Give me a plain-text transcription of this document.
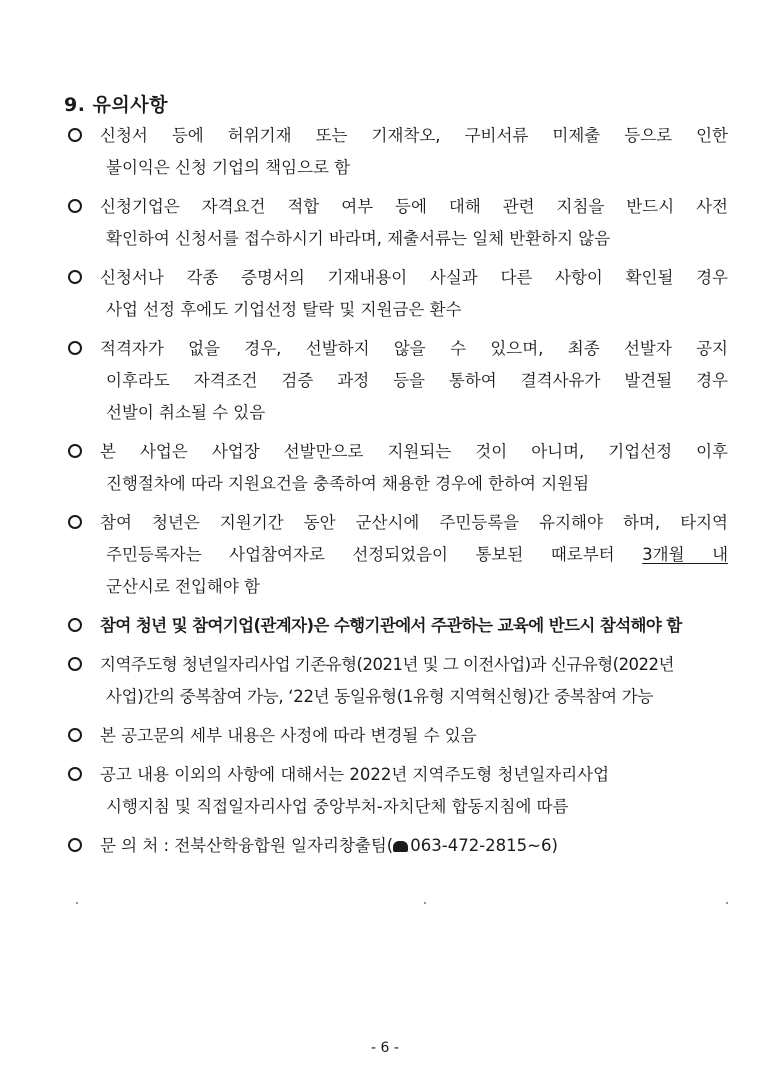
9. 유의사항
신청서 등에 허위기재 또는 기재착오, 구비서류 미제출 등으로 인한
불이익은 신청 기업의 책임으로 함
신청기업은 자격요건 적합 여부 등에 대해 관련 지침을 반드시 사전
확인하여 신청서를 접수하시기 바라며, 제출서류는 일체 반환하지 않음
신청서나 각종 증명서의 기재내용이 사실과 다른 사항이 확인될 경우
사업 선정 후에도 기업선정 탈락 및 지원금은 환수
적격자가 없을 경우, 선발하지 않을 수 있으며, 최종 선발자 공지
이후라도 자격조건 검증 과정 등을 통하여 결격사유가 발견될 경우
선발이 취소될 수 있음
본 사업은 사업장 선발만으로 지원되는 것이 아니며, 기업선정 이후
진행절차에 따라 지원요건을 충족하여 채용한 경우에 한하여 지원됨
참여 청년은 지원기간 동안 군산시에 주민등록을 유지해야 하며, 타지역
주민등록자는 사업참여자로 선정되었음이 통보된 때로부터 3개월 내
군산시로 전입해야 함
참여 청년 및 참여기업(관계자)은 수행기관에서 주관하는 교육에 반드시 참석해야 함
지역주도형 청년일자리사업 기존유형(2021년 및 그 이전사업)과 신규유형(2022년
사업)간의 중복참여 가능, ‘22년 동일유형(1유형 지역혁신형)간 중복참여 가능
본 공고문의 세부 내용은 사정에 따라 변경될 수 있음
공고 내용 이외의 사항에 대해서는 2022년 지역주도형 청년일자리사업
시행지침 및 직접일자리사업 중앙부처-자치단체 합동지침에 따름
문 의 처 : 전북산학융합원 일자리창출팀( 063-472-2815~6)
- 6 -
